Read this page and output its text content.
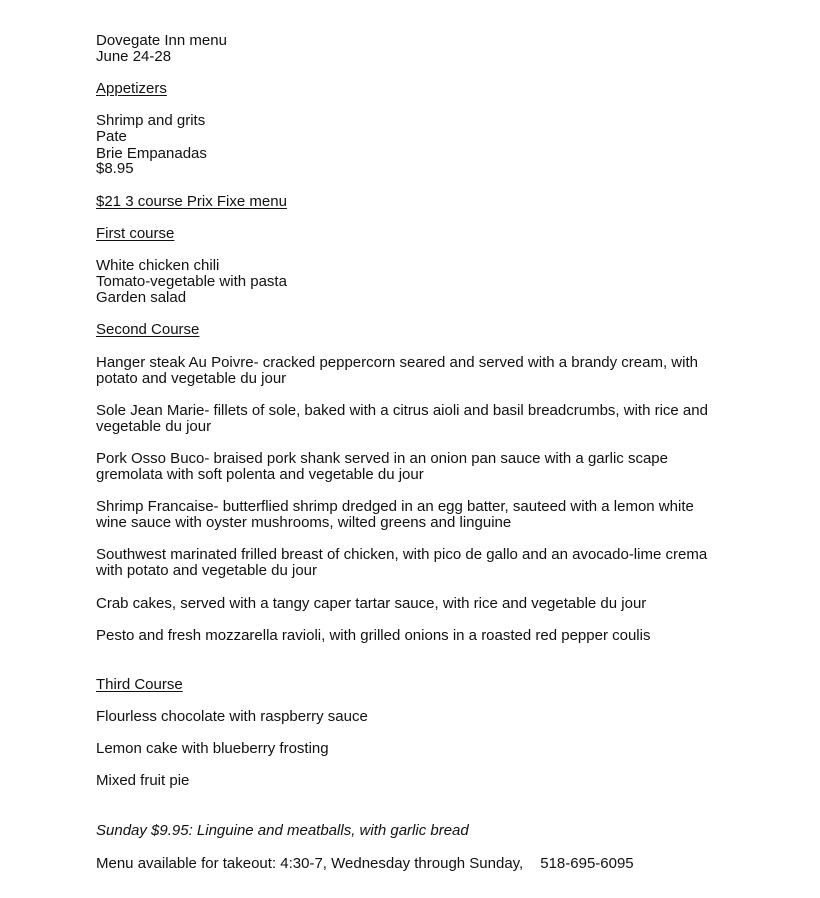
Dovegate Inn menu
June 24-28
Appetizers
Shrimp and grits
Pate
Brie Empanadas
$8.95
$21 3 course Prix Fixe menu
First course
White chicken chili
Tomato-vegetable with pasta
Garden salad
Second Course
Hanger steak Au Poivre- cracked peppercorn seared and served with a brandy cream, with potato and vegetable du jour
Sole Jean Marie- fillets of sole, baked with a citrus aioli and basil breadcrumbs, with rice and vegetable du jour
Pork Osso Buco- braised pork shank served in an onion pan sauce with a garlic scape gremolata with soft polenta and vegetable du jour
Shrimp Francaise- butterflied shrimp dredged in an egg batter, sauteed with a lemon white wine sauce with oyster mushrooms, wilted greens and linguine
Southwest marinated frilled breast of chicken, with pico de gallo and an avocado-lime crema with potato and vegetable du jour
Crab cakes, served with a tangy caper tartar sauce, with rice and vegetable du jour
Pesto and fresh mozzarella ravioli, with grilled onions in a roasted red pepper coulis
Third Course
Flourless chocolate with raspberry sauce
Lemon cake with blueberry frosting
Mixed fruit pie
Sunday $9.95: Linguine and meatballs, with garlic bread
Menu available for takeout: 4:30-7, Wednesday through Sunday, 518-695-6095
